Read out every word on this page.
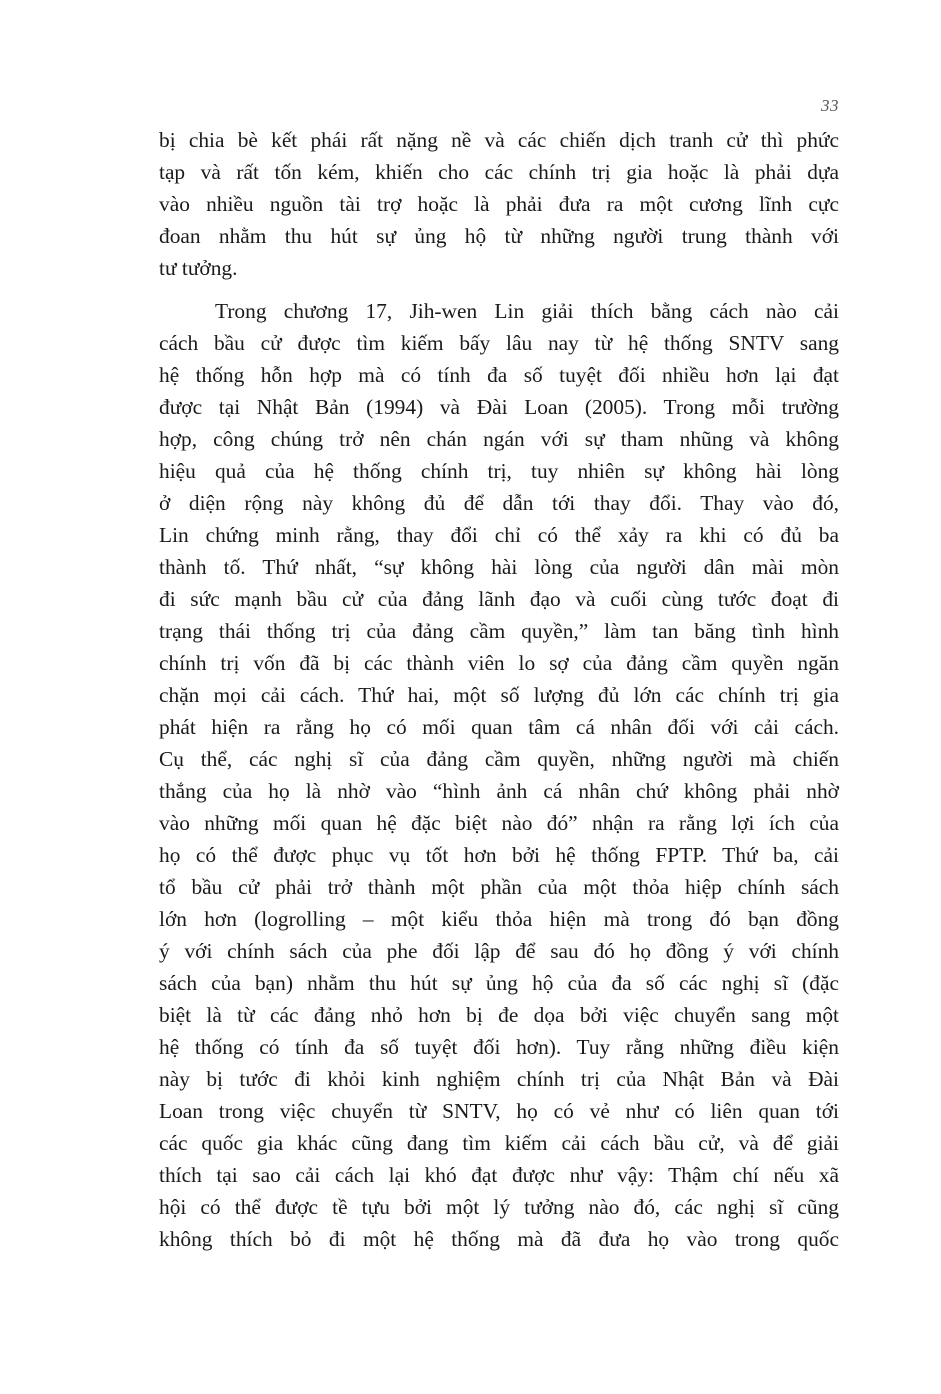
33

bị chia bè kết phái rất nặng nề và các chiến dịch tranh cử thì phức
tạp và rất tốn kém, khiến cho các chính trị gia hoặc là phải dựa
vào nhiều nguồn tài trợ hoặc là phải đưa ra một cương lĩnh cực
đoan nhằm thu hút sự ủng hộ từ những người trung thành với
tư tưởng.

Trong chương 17, Jih-wen Lin giải thích bằng cách nào cải
cách bầu cử được tìm kiếm bấy lâu nay từ hệ thống SNTV sang
hệ thống hỗn hợp mà có tính đa số tuyệt đối nhiều hơn lại đạt
được tại Nhật Bản (1994) và Đài Loan (2005). Trong mỗi trường
hợp, công chúng trở nên chán ngán với sự tham nhũng và không
hiệu quả của hệ thống chính trị, tuy nhiên sự không hài lòng
ở diện rộng này không đủ để dẫn tới thay đổi. Thay vào đó,
Lin chứng minh rằng, thay đổi chỉ có thể xảy ra khi có đủ ba
thành tố. Thứ nhất, “sự không hài lòng của người dân mài mòn
đi sức mạnh bầu cử của đảng lãnh đạo và cuối cùng tước đoạt đi
trạng thái thống trị của đảng cầm quyền,” làm tan băng tình hình
chính trị vốn đã bị các thành viên lo sợ của đảng cầm quyền ngăn
chặn mọi cải cách. Thứ hai, một số lượng đủ lớn các chính trị gia
phát hiện ra rằng họ có mối quan tâm cá nhân đối với cải cách.
Cụ thể, các nghị sĩ của đảng cầm quyền, những người mà chiến
thắng của họ là nhờ vào “hình ảnh cá nhân chứ không phải nhờ
vào những mối quan hệ đặc biệt nào đó” nhận ra rằng lợi ích của
họ có thể được phục vụ tốt hơn bởi hệ thống FPTP. Thứ ba, cải
tổ bầu cử phải trở thành một phần của một thỏa hiệp chính sách
lớn hơn (logrolling – một kiểu thỏa hiện mà trong đó bạn đồng
ý với chính sách của phe đối lập để sau đó họ đồng ý với chính
sách của bạn) nhằm thu hút sự ủng hộ của đa số các nghị sĩ (đặc
biệt là từ các đảng nhỏ hơn bị đe dọa bởi việc chuyển sang một
hệ thống có tính đa số tuyệt đối hơn). Tuy rằng những điều kiện
này bị tước đi khỏi kinh nghiệm chính trị của Nhật Bản và Đài
Loan trong việc chuyển từ SNTV, họ có vẻ như có liên quan tới
các quốc gia khác cũng đang tìm kiếm cải cách bầu cử, và để giải
thích tại sao cải cách lại khó đạt được như vậy: Thậm chí nếu xã
hội có thể được tề tựu bởi một lý tưởng nào đó, các nghị sĩ cũng
không thích bỏ đi một hệ thống mà đã đưa họ vào trong quốc
